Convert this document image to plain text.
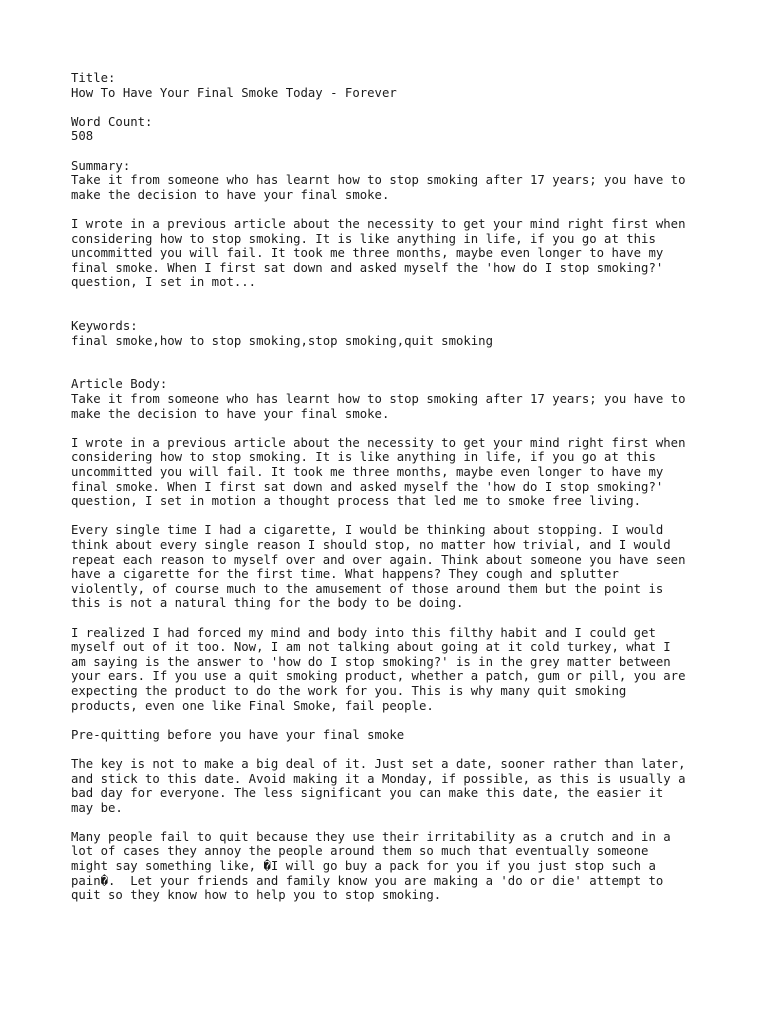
Title:
How To Have Your Final Smoke Today - Forever
Word Count:
508
Summary:
Take it from someone who has learnt how to stop smoking after 17 years; you have to
make the decision to have your final smoke.
I wrote in a previous article about the necessity to get your mind right first when
considering how to stop smoking. It is like anything in life, if you go at this
uncommitted you will fail. It took me three months, maybe even longer to have my
final smoke. When I first sat down and asked myself the 'how do I stop smoking?'
question, I set in mot...
Keywords:
final smoke,how to stop smoking,stop smoking,quit smoking
Article Body:
Take it from someone who has learnt how to stop smoking after 17 years; you have to
make the decision to have your final smoke.
I wrote in a previous article about the necessity to get your mind right first when
considering how to stop smoking. It is like anything in life, if you go at this
uncommitted you will fail. It took me three months, maybe even longer to have my
final smoke. When I first sat down and asked myself the 'how do I stop smoking?'
question, I set in motion a thought process that led me to smoke free living.
Every single time I had a cigarette, I would be thinking about stopping. I would
think about every single reason I should stop, no matter how trivial, and I would
repeat each reason to myself over and over again. Think about someone you have seen
have a cigarette for the first time. What happens? They cough and splutter
violently, of course much to the amusement of those around them but the point is
this is not a natural thing for the body to be doing.
I realized I had forced my mind and body into this filthy habit and I could get
myself out of it too. Now, I am not talking about going at it cold turkey, what I
am saying is the answer to 'how do I stop smoking?' is in the grey matter between
your ears. If you use a quit smoking product, whether a patch, gum or pill, you are
expecting the product to do the work for you. This is why many quit smoking
products, even one like Final Smoke, fail people.
Pre-quitting before you have your final smoke
The key is not to make a big deal of it. Just set a date, sooner rather than later,
and stick to this date. Avoid making it a Monday, if possible, as this is usually a
bad day for everyone. The less significant you can make this date, the easier it
may be.
Many people fail to quit because they use their irritability as a crutch and in a
lot of cases they annoy the people around them so much that eventually someone
might say something like, �I will go buy a pack for you if you just stop such a
pain�.  Let your friends and family know you are making a 'do or die' attempt to
quit so they know how to help you to stop smoking.
